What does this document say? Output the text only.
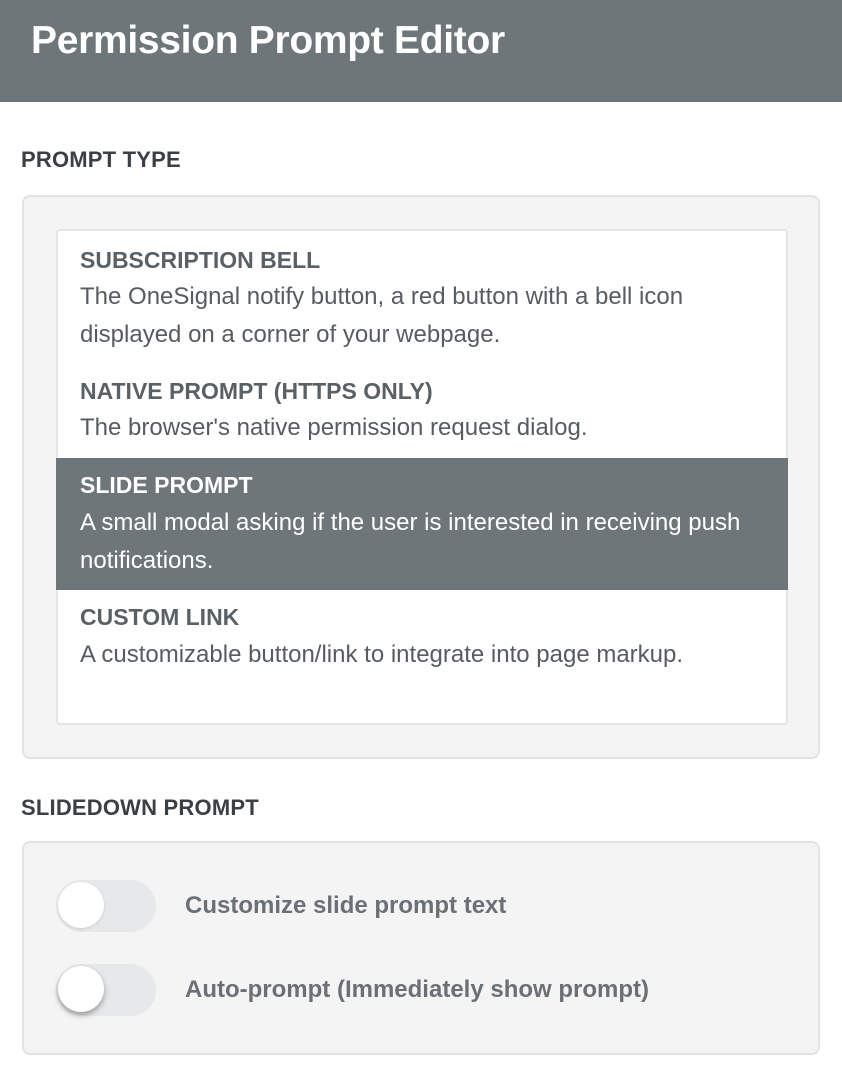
Permission Prompt Editor
PROMPT TYPE
SUBSCRIPTION BELL
The OneSignal notify button, a red button with a bell icon displayed on a corner of your webpage.
NATIVE PROMPT (HTTPS ONLY)
The browser's native permission request dialog.
SLIDE PROMPT
A small modal asking if the user is interested in receiving push notifications.
CUSTOM LINK
A customizable button/link to integrate into page markup.
SLIDEDOWN PROMPT
Customize slide prompt text
Auto-prompt (Immediately show prompt)
